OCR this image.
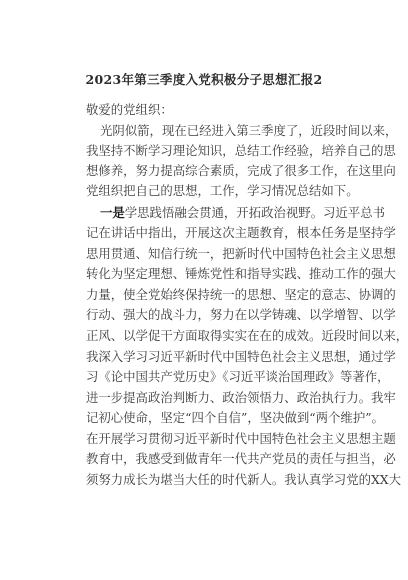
2023年第三季度入党积极分子思想汇报2
敬爱的党组织：
光阴似箭，现在已经进入第三季度了，近段时间以来，
我坚持不断学习理论知识，总结工作经验，培养自己的思
想修养，努力提高综合素质，完成了很多工作，在这里向
党组织把自己的思想，工作，学习情况总结如下。
一是学思践悟融会贯通，开拓政治视野。习近平总书
记在讲话中指出，开展这次主题教育，根本任务是坚持学
思用贯通、知信行统一，把新时代中国特色社会主义思想
转化为坚定理想、锤炼党性和指导实践、推动工作的强大
力量，使全党始终保持统一的思想、坚定的意志、协调的
行动、强大的战斗力，努力在以学铸魂、以学增智、以学
正风、以学促干方面取得实实在在的成效。近段时间以来，
我深入学习习近平新时代中国特色社会主义思想，通过学
习《论中国共产党历史》《习近平谈治国理政》等著作，
进一步提高政治判断力、政治领悟力、政治执行力。我牢
记初心使命，坚定“四个自信”，坚决做到“两个维护”。
在开展学习贯彻习近平新时代中国特色社会主义思想主题
教育中，我感受到做青年一代共产党员的责任与担当，必
须努力成长为堪当大任的时代新人。我认真学习党的XX大
